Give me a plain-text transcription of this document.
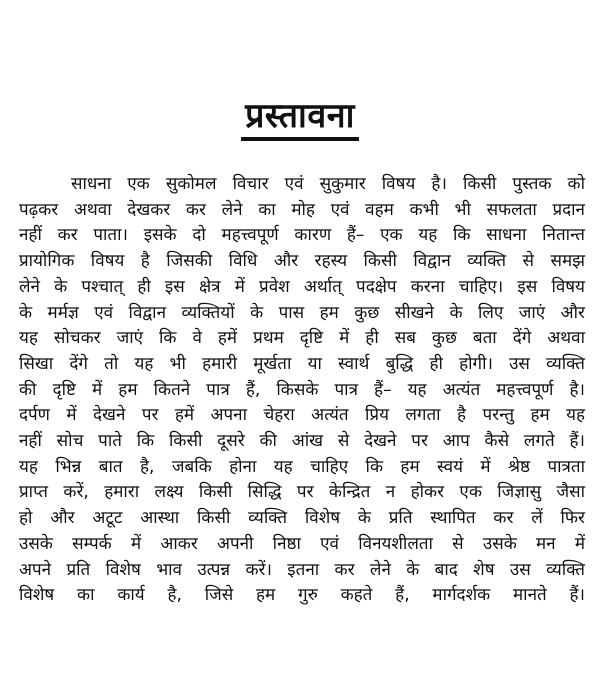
प्रस्तावना
साधना एक सुकोमल विचार एवं सुकुमार विषय है। किसी पुस्तक को
पढ़कर अथवा देखकर कर लेने का मोह एवं वहम कभी भी सफलता प्रदान
नहीं कर पाता। इसके दो महत्त्वपूर्ण कारण हैं– एक यह कि साधना नितान्त
प्रायोगिक विषय है जिसकी विधि और रहस्य किसी विद्वान व्यक्ति से समझ
लेने के पश्चात् ही इस क्षेत्र में प्रवेश अर्थात् पदक्षेप करना चाहिए। इस विषय
के मर्मज्ञ एवं विद्वान व्यक्तियों के पास हम कुछ सीखने के लिए जाएं और
यह सोचकर जाएं कि वे हमें प्रथम दृष्टि में ही सब कुछ बता देंगे अथवा
सिखा देंगे तो यह भी हमारी मूर्खता या स्वार्थ बुद्धि ही होगी। उस व्यक्ति
की दृष्टि में हम कितने पात्र हैं, किसके पात्र हैं– यह अत्यंत महत्त्वपूर्ण है।
दर्पण में देखने पर हमें अपना चेहरा अत्यंत प्रिय लगता है परन्तु हम यह
नहीं सोच पाते कि किसी दूसरे की आंख से देखने पर आप कैसे लगते हैं।
यह भिन्न बात है, जबकि होना यह चाहिए कि हम स्वयं में श्रेष्ठ पात्रता
प्राप्त करें, हमारा लक्ष्य किसी सिद्धि पर केन्द्रित न होकर एक जिज्ञासु जैसा
हो और अटूट आस्था किसी व्यक्ति विशेष के प्रति स्थापित कर लें फिर
उसके सम्पर्क में आकर अपनी निष्ठा एवं विनयशीलता से उसके मन में
अपने प्रति विशेष भाव उत्पन्न करें। इतना कर लेने के बाद शेष उस व्यक्ति
विशेष का कार्य है, जिसे हम गुरु कहते हैं, मार्गदर्शक मानते हैं।
